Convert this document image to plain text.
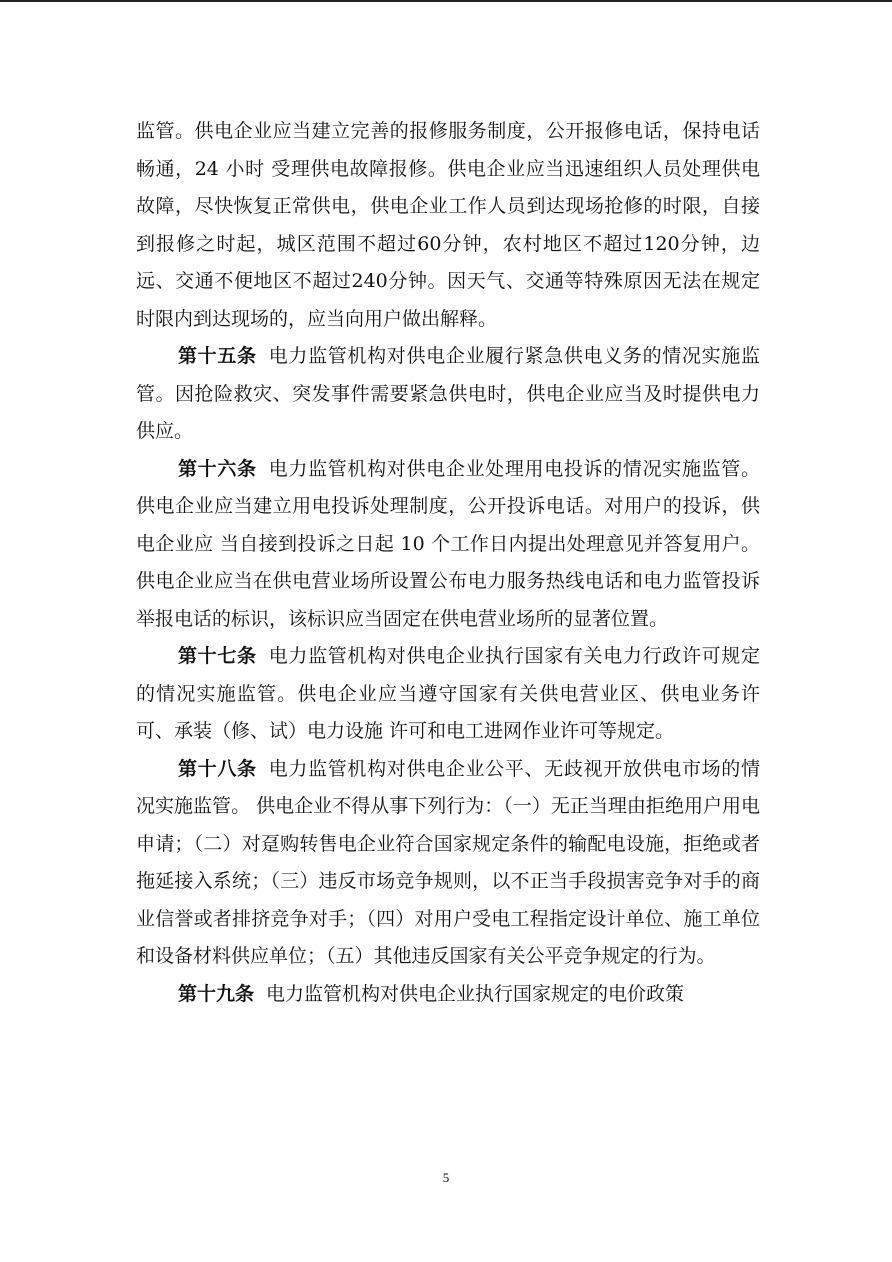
监管。供电企业应当建立完善的报修服务制度，公开报修电话，保持电话畅通，24 小时 受理供电故障报修。供电企业应当迅速组织人员处理供电故障，尽快恢复正常供电，供电企业工作人员到达现场抢修的时限，自接到报修之时起，城区范围不超过60分钟，农村地区不超过120分钟，边远、交通不便地区不超过240分钟。因天气、交通等特殊原因无法在规定 时限内到达现场的，应当向用户做出解释。

第十五条 电力监管机构对供电企业履行紧急供电义务的情况实施监管。因抢险救灾、突发事件需要紧急供电时，供电企业应当及时提供电力供应。

第十六条 电力监管机构对供电企业处理用电投诉的情况实施监管。供电企业应当建立用电投诉处理制度，公开投诉电话。对用户的投诉，供电企业应 当自接到投诉之日起 10 个工作日内提出处理意见并答复用户。供电企业应当在供电营业场所设置公布电力服务热线电话和电力监管投诉举报电话的标识，该标识应当固定在供电营业场所的显著位置。

第十七条 电力监管机构对供电企业执行国家有关电力行政许可规定的情况实施监管。供电企业应当遵守国家有关供电营业区、供电业务许可、承装（修、试）电力设施 许可和电工进网作业许可等规定。

第十八条 电力监管机构对供电企业公平、无歧视开放供电市场的情况实施监管。 供电企业不得从事下列行为：（一）无正当理由拒绝用户用电申请；（二）对趸购转售电企业符合国家规定条件的输配电设施，拒绝或者拖延接入系统；（三）违反市场竞争规则，以不正当手段损害竞争对手的商业信誉或者排挤竞争对手；（四）对用户受电工程指定设计单位、施工单位和设备材料供应单位；（五）其他违反国家有关公平竞争规定的行为。

第十九条 电力监管机构对供电企业执行国家规定的电价政策

5
